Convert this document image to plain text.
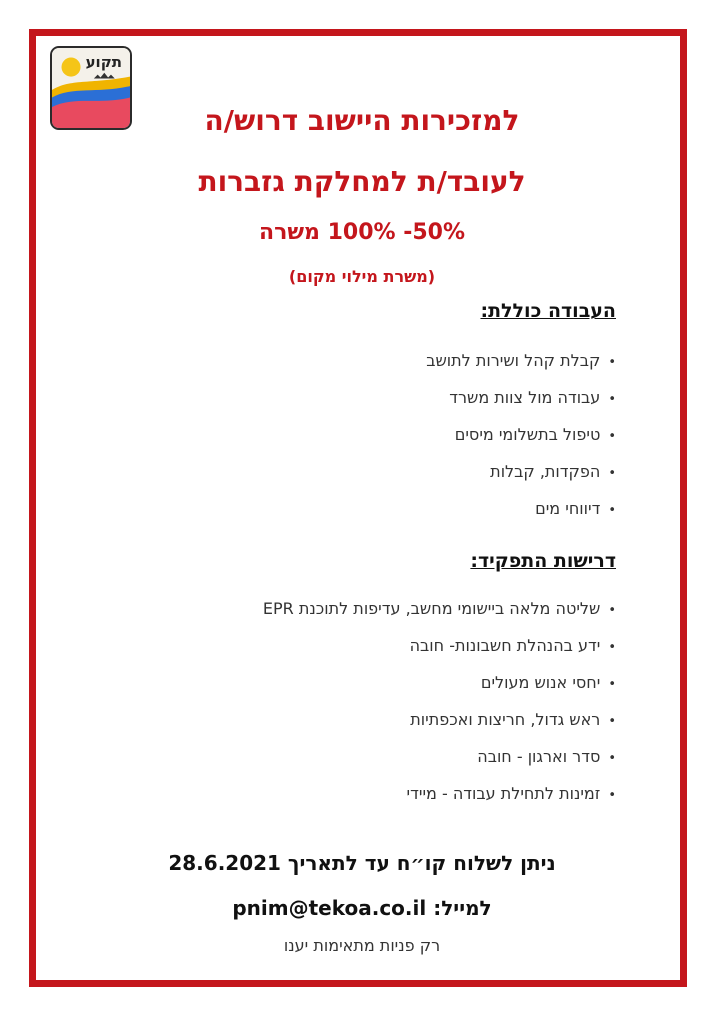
תקוע
למזכירות היישוב דרוש/ה
לעובד/ת למחלקת גזברות
50%- 100% משרה
(משרת מילוי מקום)

העבודה כוללת:

•קבלת קהל ושירות לתושב
•עבודה מול צוות משרד
•טיפול בתשלומי מיסים
•הפקדות, קבלות
•דיווחי מים

דרישות התפקיד:

•שליטה מלאה ביישומי מחשב, עדיפות לתוכנת EPR
•ידע בהנהלת חשבונות- חובה
•יחסי אנוש מעולים
•ראש גדול, חריצות ואכפתיות
•סדר וארגון - חובה
•זמינות לתחילת עבודה - מיידי
ניתן לשלוח קו״ח עד לתאריך 28.6.2021
למייל: pnim@tekoa.co.il
רק פניות מתאימות יענו
